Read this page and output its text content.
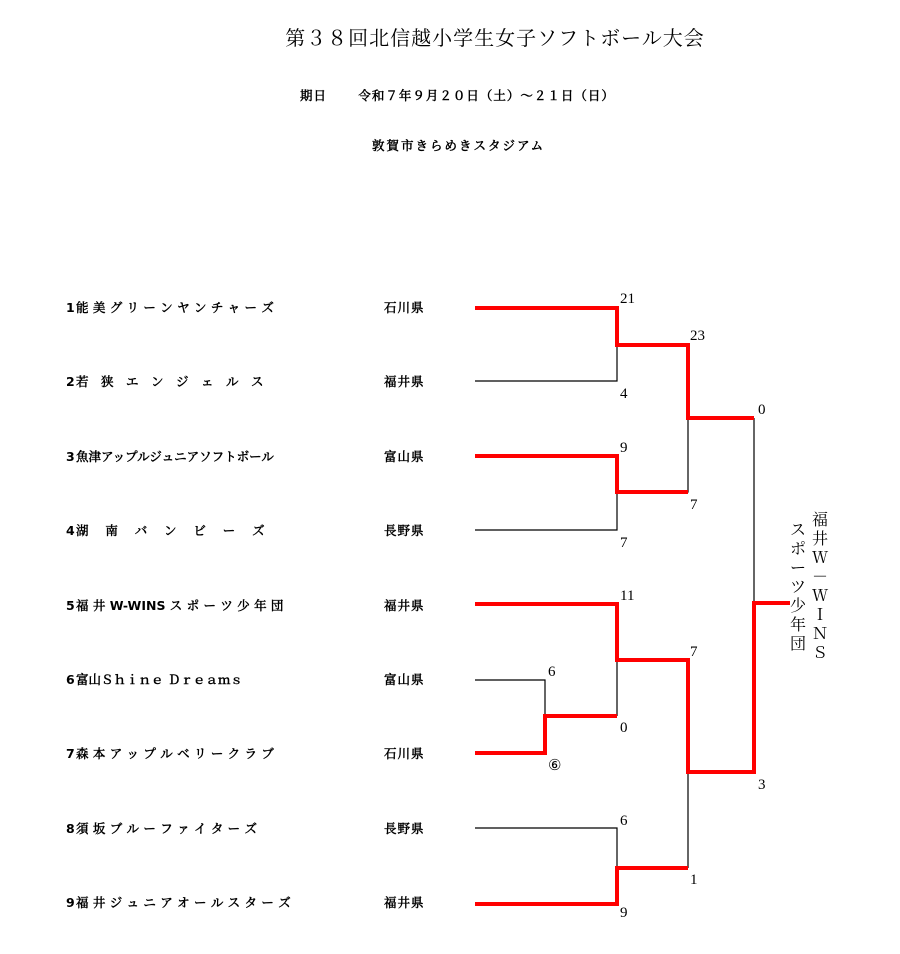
第３８回北信越小学生女子ソフトボール大会
期日	令和７年９月２０日（土）～２１日（日）
敦賀市きらめきスタジアム
1能 美 グ リ ー ン ヤ ン チ ャ ー ズ	石川県
2若　狭　エ　ン　ジ　ェ　ル　ス	福井県
3魚津アップルジュニアソフトボール	富山県
4湖　 南　 バ　 ン　 ビ　 ー　 ズ	長野県
5福 井 W-WINS ス ポ ー ツ 少 年 団	福井県
6富山Ｓｈｉｎｅ Ｄｒｅａｍｓ	富山県
7森 本 ア ッ プ ル ベ リ ー ク ラ ブ	石川県
8須 坂 ブ ル ー フ ァ イ タ ー ズ	長野県
9福 井 ジ ュ ニ ア オ ー ル ス タ ー ズ	福井県
21
4
9
7
11
6
⑥
0
6
9
23
7
7
1
0
3
福井Ｗ－ＷＩＮＳ
スポーツ少年団
